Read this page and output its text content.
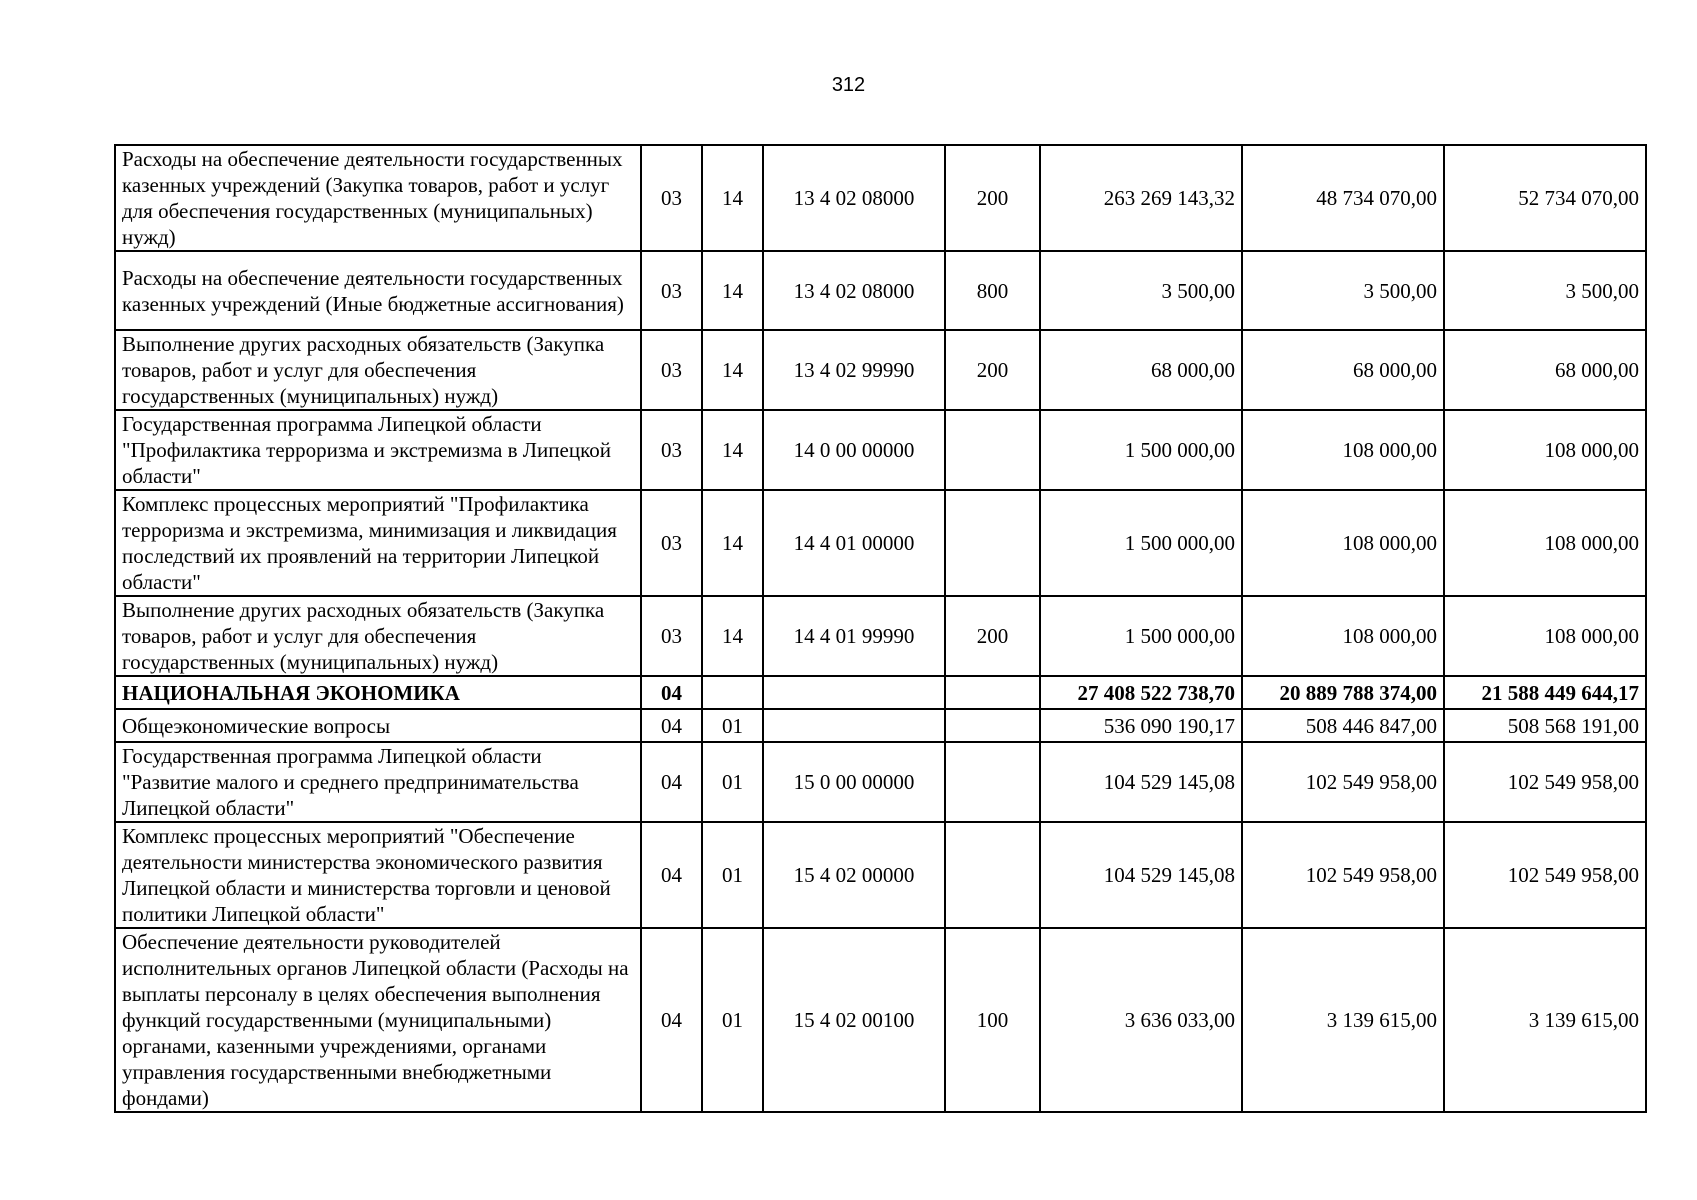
312
Расходы на обеспечение деятельности государственных казенных учреждений (Закупка товаров, работ и услуг для обеспечения государственных (муниципальных) нужд)	03	14	13 4 02 08000	200	263 269 143,32	48 734 070,00	52 734 070,00
Расходы на обеспечение деятельности государственных казенных учреждений (Иные бюджетные ассигнования)	03	14	13 4 02 08000	800	3 500,00	3 500,00	3 500,00
Выполнение других расходных обязательств (Закупка товаров, работ и услуг для обеспечения государственных (муниципальных) нужд)	03	14	13 4 02 99990	200	68 000,00	68 000,00	68 000,00
Государственная программа Липецкой области "Профилактика терроризма и экстремизма в Липецкой области"	03	14	14 0 00 00000		1 500 000,00	108 000,00	108 000,00
Комплекс процессных мероприятий "Профилактика терроризма и экстремизма, минимизация и ликвидация последствий их проявлений на территории Липецкой области"	03	14	14 4 01 00000		1 500 000,00	108 000,00	108 000,00
Выполнение других расходных обязательств (Закупка товаров, работ и услуг для обеспечения государственных (муниципальных) нужд)	03	14	14 4 01 99990	200	1 500 000,00	108 000,00	108 000,00
НАЦИОНАЛЬНАЯ ЭКОНОМИКА	04				27 408 522 738,70	20 889 788 374,00	21 588 449 644,17
Общеэкономические вопросы	04	01			536 090 190,17	508 446 847,00	508 568 191,00
Государственная программа Липецкой области "Развитие малого и среднего предпринимательства Липецкой области"	04	01	15 0 00 00000		104 529 145,08	102 549 958,00	102 549 958,00
Комплекс процессных мероприятий "Обеспечение деятельности министерства экономического развития Липецкой области и министерства торговли и ценовой политики Липецкой области"	04	01	15 4 02 00000		104 529 145,08	102 549 958,00	102 549 958,00
Обеспечение деятельности руководителей исполнительных органов Липецкой области (Расходы на выплаты персоналу в целях обеспечения выполнения функций государственными (муниципальными) органами, казенными учреждениями, органами управления государственными внебюджетными фондами)	04	01	15 4 02 00100	100	3 636 033,00	3 139 615,00	3 139 615,00
